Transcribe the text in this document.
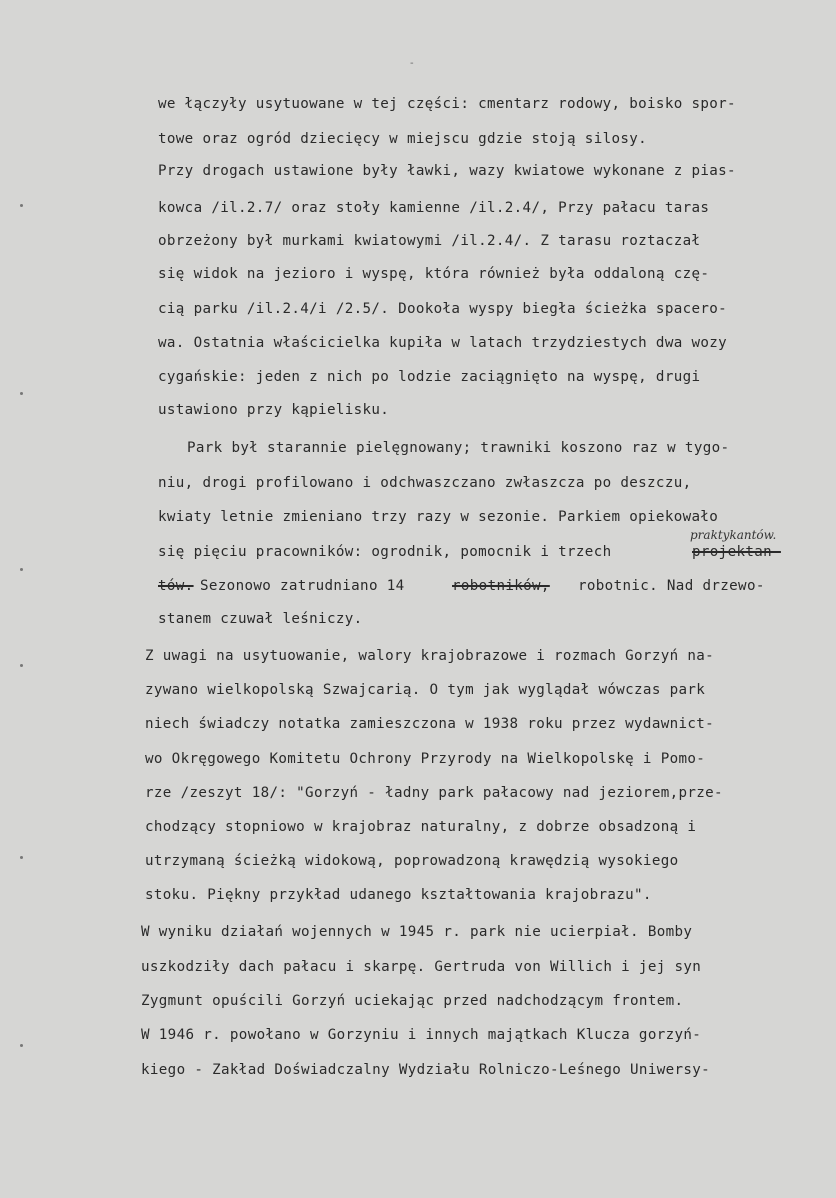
-
we łączyły usytuowane w tej części: cmentarz rodowy, boisko spor-
towe oraz ogród dziecięcy w miejscu gdzie stoją silosy.
Przy drogach ustawione były ławki, wazy kwiatowe wykonane z pias-
kowca /il.2.7/ oraz stoły kamienne /il.2.4/, Przy pałacu taras
obrzeżony był murkami kwiatowymi /il.2.4/. Z tarasu roztaczał
się widok na jezioro i wyspę, która również była oddaloną czę-
cią parku /il.2.4/i /2.5/. Dookoła wyspy biegła ścieżka spacero-
wa. Ostatnia właścicielka kupiła w latach trzydziestych dwa wozy
cygańskie: jeden z nich po lodzie zaciągnięto na wyspę, drugi
ustawiono przy kąpielisku.
Park był starannie pielęgnowany; trawniki koszono raz w tygo-
niu, drogi profilowano i odchwaszczano zwłaszcza po deszczu,
kwiaty letnie zmieniano trzy razy w sezonie. Parkiem opiekowało
się pięciu pracowników: ogrodnik, pomocnik i trzech	projektan-
praktykantów.
tów. Sezonowo zatrudniano 14	robotników, robotnic. Nad drzewo-
stanem czuwał leśniczy.
Z uwagi na usytuowanie, walory krajobrazowe i rozmach Gorzyń na-
zywano wielkopolską Szwajcarią. O tym jak wyglądał wówczas park
niech świadczy notatka zamieszczona w 1938 roku przez wydawnict-
wo Okręgowego Komitetu Ochrony Przyrody na Wielkopolskę i Pomo-
rze /zeszyt 18/: "Gorzyń - ładny park pałacowy nad jeziorem,prze-
chodzący stopniowo w krajobraz naturalny, z dobrze obsadzoną i
utrzymaną ścieżką widokową, poprowadzoną krawędzią wysokiego
stoku. Piękny przykład udanego kształtowania krajobrazu".
W wyniku działań wojennych w 1945 r. park nie ucierpiał. Bomby
uszkodziły dach pałacu i skarpę. Gertruda von Willich i jej syn
Zygmunt opuścili Gorzyń uciekając przed nadchodzącym frontem.
W 1946 r. powołano w Gorzyniu i innych majątkach Klucza gorzyń-
kiego - Zakład Doświadczalny Wydziału Rolniczo-Leśnego Uniwersy-
